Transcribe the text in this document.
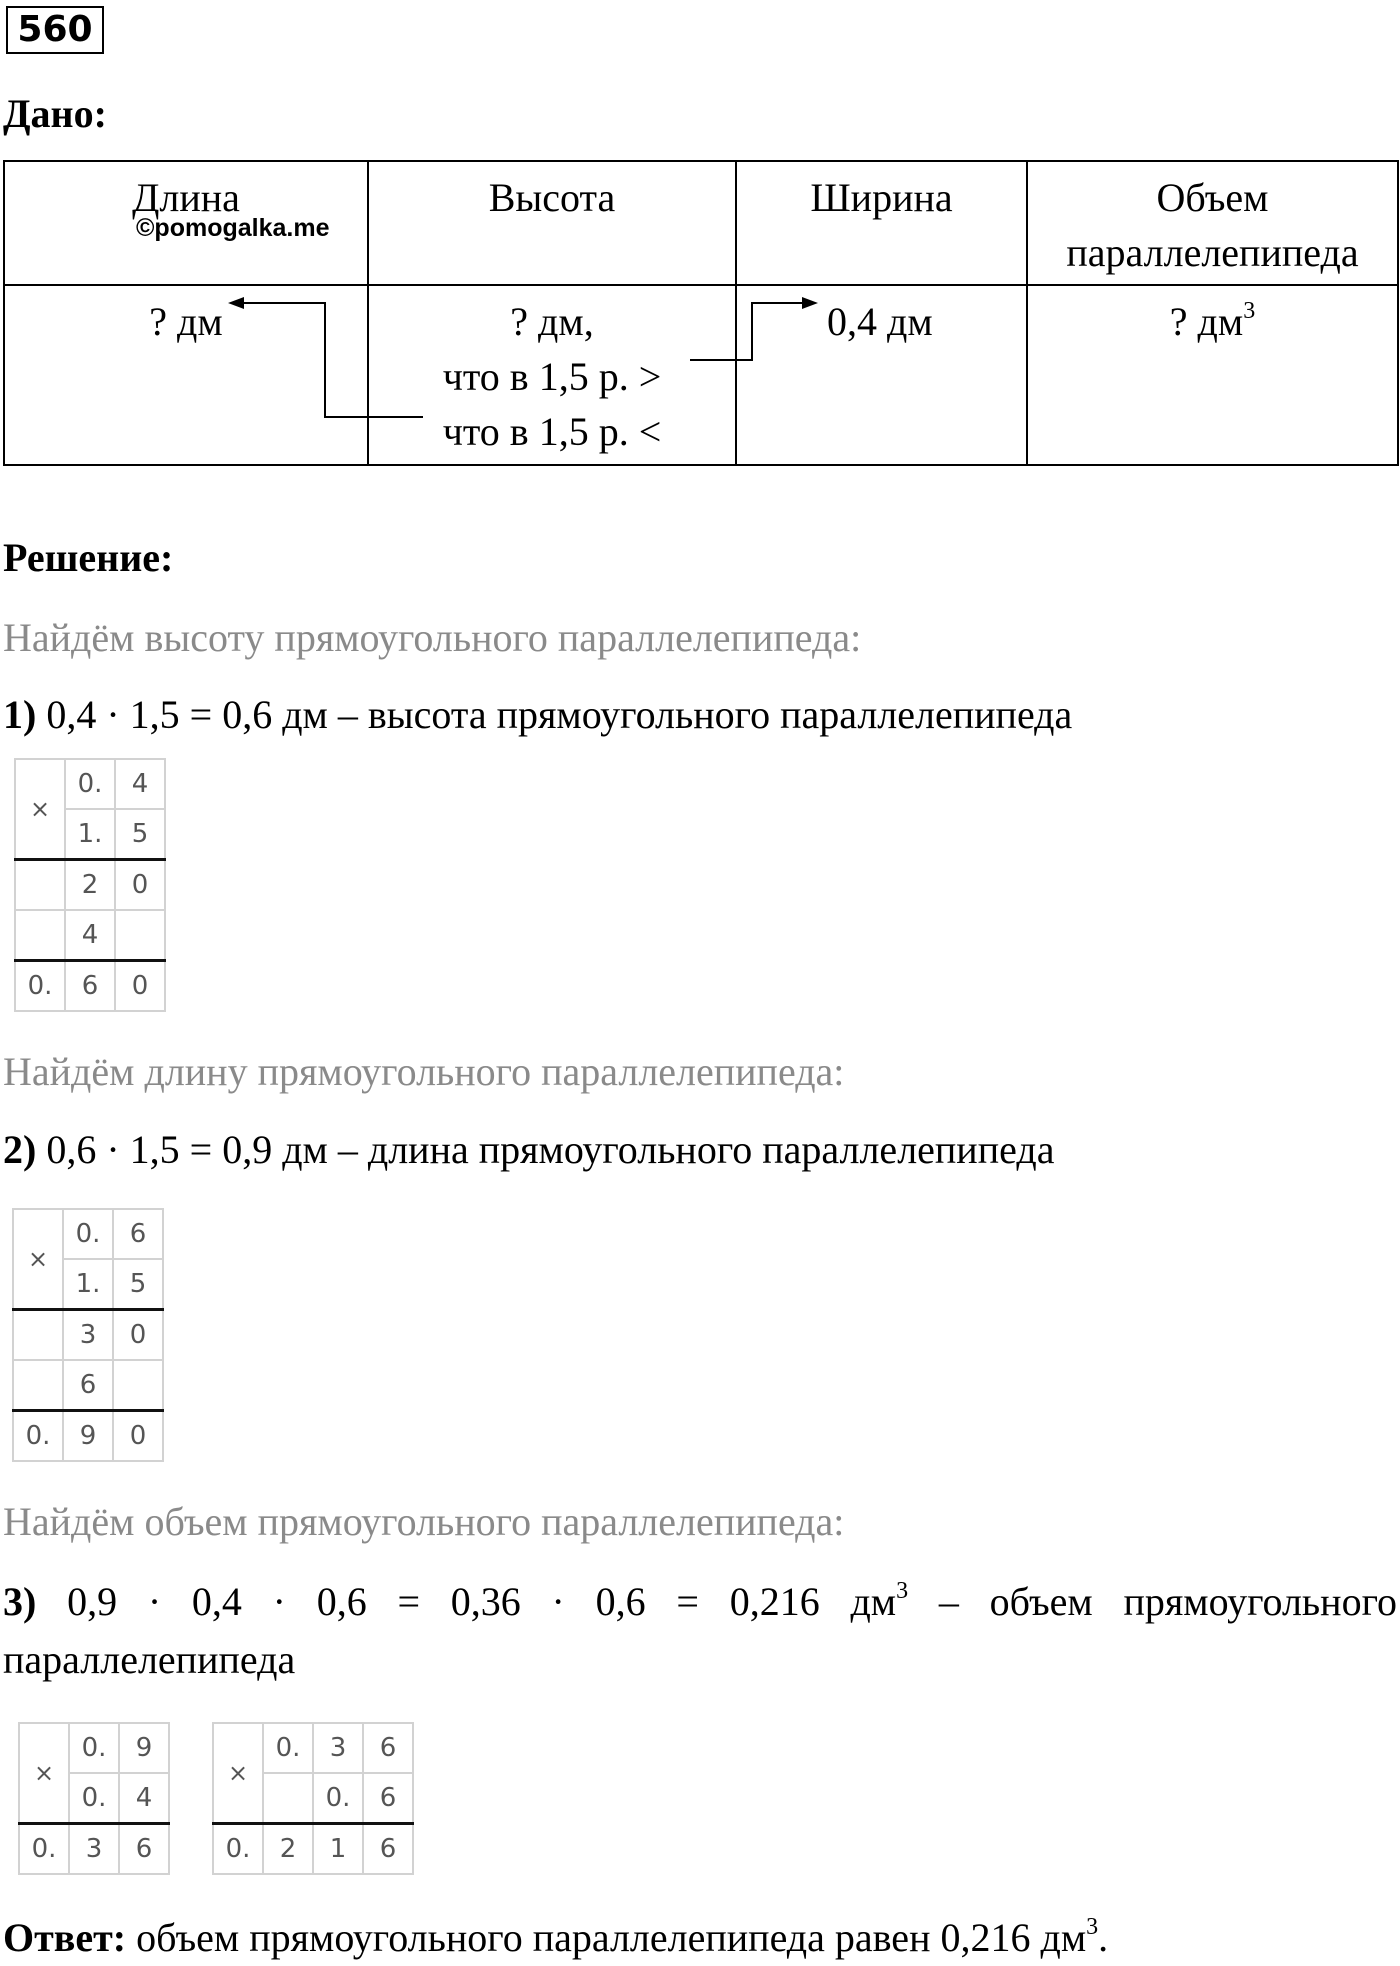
560
Дано:
Длина	Высота	Ширина	Объем
параллелепипеда
? дм	? дм,
что в 1,5 р. >
что в 1,5 р. <	0,4 дм	? $дм^3$
©pomogalka.me
Решение:
Найдём высоту прямоугольного параллелепипеда:
1) 0,4 · 1,5 = 0,6 дм – высота прямоугольного параллелепипеда
×	0.	4
	1.	5
	2	0
	4	
0.	6	0
Найдём длину прямоугольного параллелепипеда:
2) 0,6 · 1,5 = 0,9 дм – длина прямоугольного параллелепипеда
×	0.	6
	1.	5
	3	0
	6	
0.	9	0
Найдём объем прямоугольного параллелепипеда:
3) 0,9 · 0,4 · 0,6 = 0,36 · 0,6 = 0,216 $дм^3$ – объем прямоугольного
параллелепипеда
×	0.	9
	0.	4
0.	3	6
×	0.	3	6
		0.	6
0.	2	1	6
Ответ: объем прямоугольного параллелепипеда равен 0,216 $дм^3$.
